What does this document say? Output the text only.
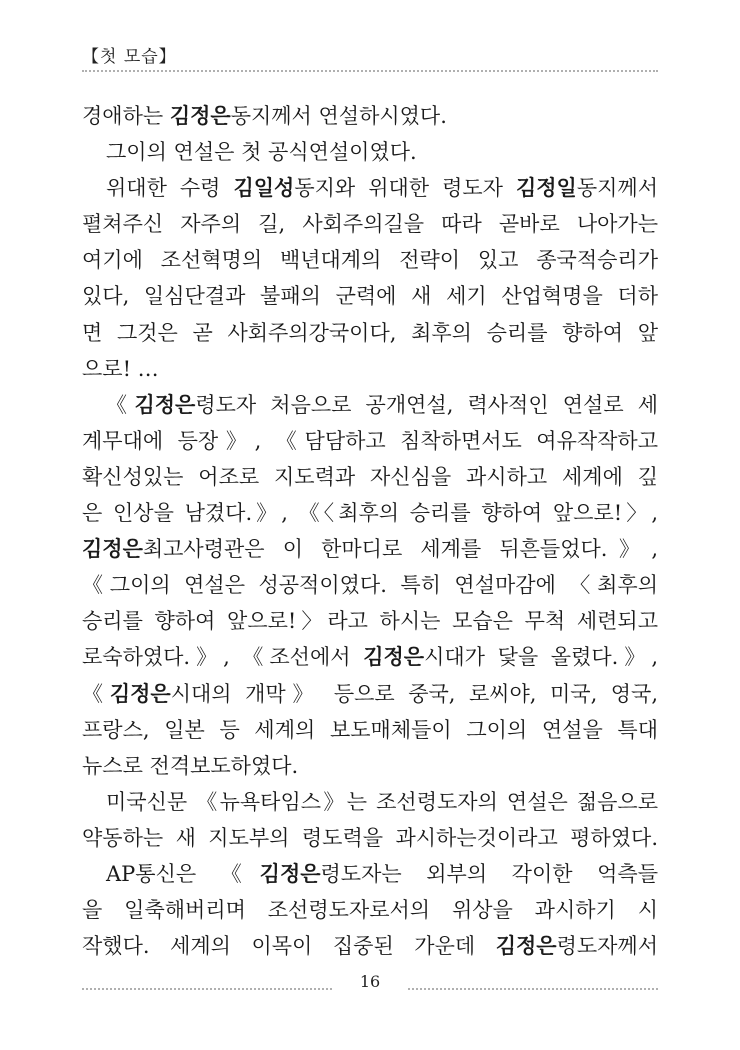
【첫 모습】
경애하는 김정은동지께서 연설하시였다.
그이의 연설은 첫 공식연설이였다.
위대한 수령 김일성동지와 위대한 령도자 김정일동지께서
펼쳐주신 자주의 길, 사회주의길을 따라 곧바로 나아가는
여기에 조선혁명의 백년대계의 전략이 있고 종국적승리가
있다, 일심단결과 불패의 군력에 새 세기 산업혁명을 더하
면 그것은 곧 사회주의강국이다, 최후의 승리를 향하여 앞
으로! …
《김정은령도자 처음으로 공개연설, 력사적인 연설로 세
계무대에 등장》, 《담담하고 침착하면서도 여유작작하고
확신성있는 어조로 지도력과 자신심을 과시하고 세계에 깊
은 인상을 남겼다.》, 《〈최후의 승리를 향하여 앞으로!〉,
김정은최고사령관은 이 한마디로 세계를 뒤흔들었다.》,
《그이의 연설은 성공적이였다. 특히 연설마감에 〈최후의
승리를 향하여 앞으로!〉라고 하시는 모습은 무척 세련되고
로숙하였다.》, 《조선에서 김정은시대가 닻을 올렸다.》,
《김정은시대의 개막》 등으로 중국, 로씨야, 미국, 영국,
프랑스, 일본 등 세계의 보도매체들이 그이의 연설을 특대
뉴스로 전격보도하였다.
미국신문 《뉴욕타임스》는 조선령도자의 연설은 젊음으로
약동하는 새 지도부의 령도력을 과시하는것이라고 평하였다.
AP통신은 《김정은령도자는 외부의 각이한 억측들
을 일축해버리며 조선령도자로서의 위상을 과시하기 시
작했다. 세계의 이목이 집중된 가운데 김정은령도자께서
16
